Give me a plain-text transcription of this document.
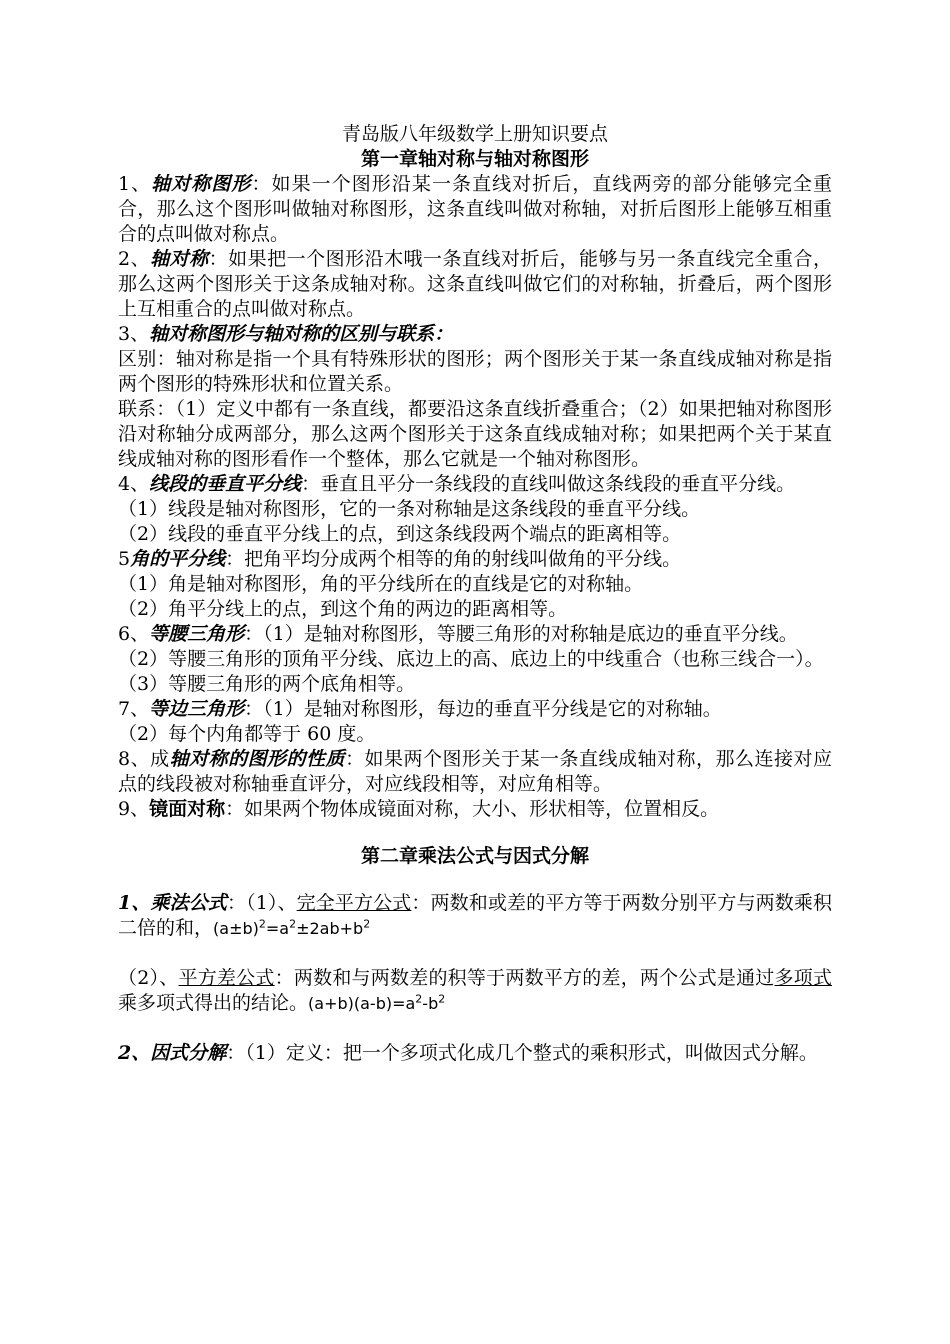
青岛版八年级数学上册知识要点
第一章轴对称与轴对称图形

1、轴对称图形：如果一个图形沿某一条直线对折后，直线两旁的部分能够完全重合，那么这个图形叫做轴对称图形，这条直线叫做对称轴，对折后图形上能够互相重合的点叫做对称点。

2、轴对称：如果把一个图形沿木哦一条直线对折后，能够与另一条直线完全重合，那么这两个图形关于这条成轴对称。这条直线叫做它们的对称轴，折叠后，两个图形上互相重合的点叫做对称点。

3、轴对称图形与轴对称的区别与联系：

区别：轴对称是指一个具有特殊形状的图形；两个图形关于某一条直线成轴对称是指两个图形的特殊形状和位置关系。

联系：（1）定义中都有一条直线，都要沿这条直线折叠重合；（2）如果把轴对称图形沿对称轴分成两部分，那么这两个图形关于这条直线成轴对称；如果把两个关于某直线成轴对称的图形看作一个整体，那么它就是一个轴对称图形。

4、线段的垂直平分线：垂直且平分一条线段的直线叫做这条线段的垂直平分线。

（1）线段是轴对称图形，它的一条对称轴是这条线段的垂直平分线。

（2）线段的垂直平分线上的点，到这条线段两个端点的距离相等。

5角的平分线：把角平均分成两个相等的角的射线叫做角的平分线。

（1）角是轴对称图形，角的平分线所在的直线是它的对称轴。

（2）角平分线上的点，到这个角的两边的距离相等。

6、等腰三角形：（1）是轴对称图形，等腰三角形的对称轴是底边的垂直平分线。

（2）等腰三角形的顶角平分线、底边上的高、底边上的中线重合（也称三线合一）。

（3）等腰三角形的两个底角相等。

7、等边三角形：（1）是轴对称图形，每边的垂直平分线是它的对称轴。

（2）每个内角都等于 60 度。

8、成轴对称的图形的性质：如果两个图形关于某一条直线成轴对称，那么连接对应点的线段被对称轴垂直评分，对应线段相等，对应角相等。

9、镜面对称：如果两个物体成镜面对称，大小、形状相等，位置相反。

第二章乘法公式与因式分解

1、乘法公式：（1）、完全平方公式：两数和或差的平方等于两数分别平方与两数乘积二倍的和，$(a\pm b)^2=a^2\pm 2ab+b^2$

（2）、平方差公式：两数和与两数差的积等于两数平方的差，两个公式是通过多项式乘多项式得出的结论。$(a+b)(a-b)=a^2-b^2$

2、因式分解：（1）定义：把一个多项式化成几个整式的乘积形式，叫做因式分解。
